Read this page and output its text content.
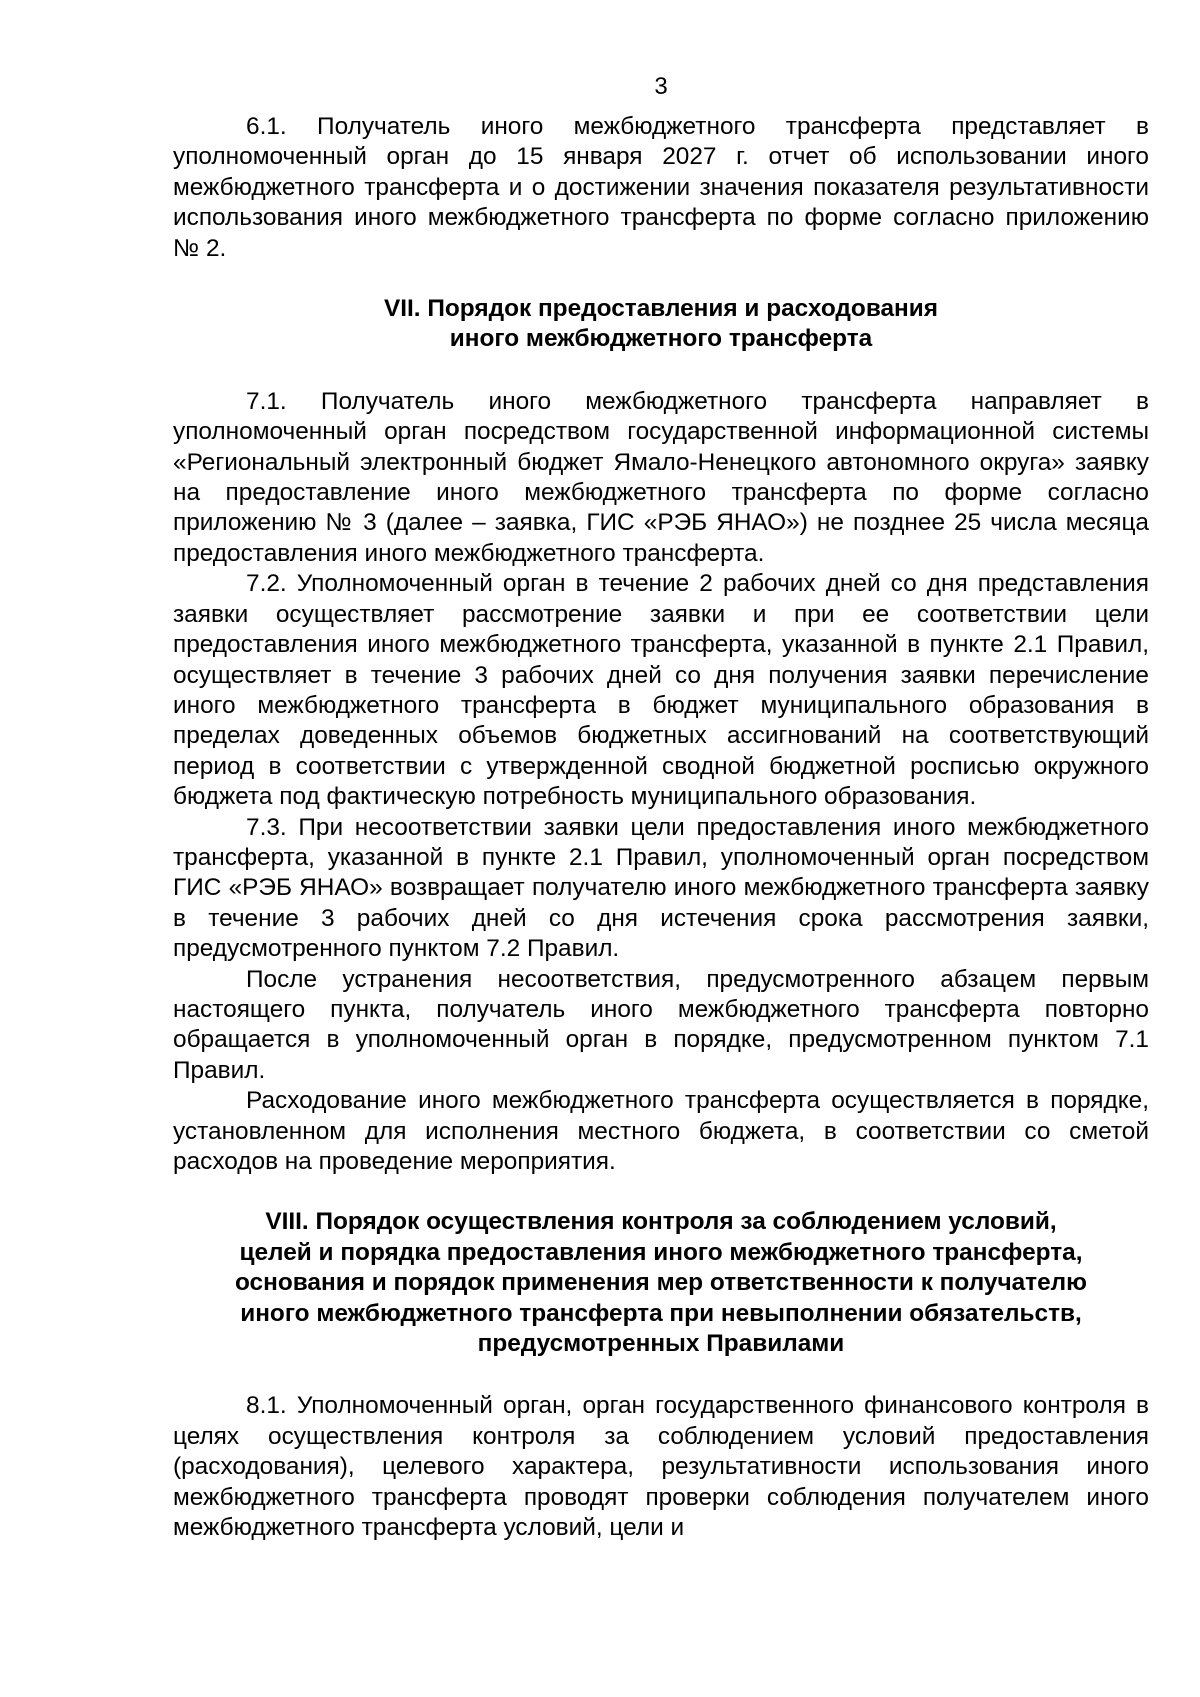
3

6.1. Получатель иного межбюджетного трансферта представляет в уполномоченный орган до 15 января 2027 г. отчет об использовании иного межбюджетного трансферта и о достижении значения показателя результативности использования иного межбюджетного трансферта по форме согласно приложению № 2.

VII. Порядок предоставления и расходования
иного межбюджетного трансферта

7.1. Получатель иного межбюджетного трансферта направляет в уполномоченный орган посредством государственной информационной системы «Региональный электронный бюджет Ямало-Ненецкого автономного округа» заявку на предоставление иного межбюджетного трансферта по форме согласно приложению № 3 (далее – заявка, ГИС «РЭБ ЯНАО») не позднее 25 числа месяца предоставления иного межбюджетного трансферта.

7.2. Уполномоченный орган в течение 2 рабочих дней со дня представления заявки осуществляет рассмотрение заявки и при ее соответствии цели предоставления иного межбюджетного трансферта, указанной в пункте 2.1 Правил, осуществляет в течение 3 рабочих дней со дня получения заявки перечисление иного межбюджетного трансферта в бюджет муниципального образования в пределах доведенных объемов бюджетных ассигнований на соответствующий период в соответствии с утвержденной сводной бюджетной росписью окружного бюджета под фактическую потребность муниципального образования.

7.3. При несоответствии заявки цели предоставления иного межбюджетного трансферта, указанной в пункте 2.1 Правил, уполномоченный орган посредством ГИС «РЭБ ЯНАО» возвращает получателю иного межбюджетного трансферта заявку в течение 3 рабочих дней со дня истечения срока рассмотрения заявки, предусмотренного пунктом 7.2 Правил.

После устранения несоответствия, предусмотренного абзацем первым настоящего пункта, получатель иного межбюджетного трансферта повторно обращается в уполномоченный орган в порядке, предусмотренном пунктом 7.1 Правил.

Расходование иного межбюджетного трансферта осуществляется в порядке, установленном для исполнения местного бюджета, в соответствии со сметой расходов на проведение мероприятия.

VIII. Порядок осуществления контроля за соблюдением условий,
целей и порядка предоставления иного межбюджетного трансферта,
основания и порядок применения мер ответственности к получателю
иного межбюджетного трансферта при невыполнении обязательств,
предусмотренных Правилами

8.1. Уполномоченный орган, орган государственного финансового контроля в целях осуществления контроля за соблюдением условий предоставления (расходования), целевого характера, результативности использования иного межбюджетного трансферта проводят проверки соблюдения получателем иного межбюджетного трансферта условий, цели и
